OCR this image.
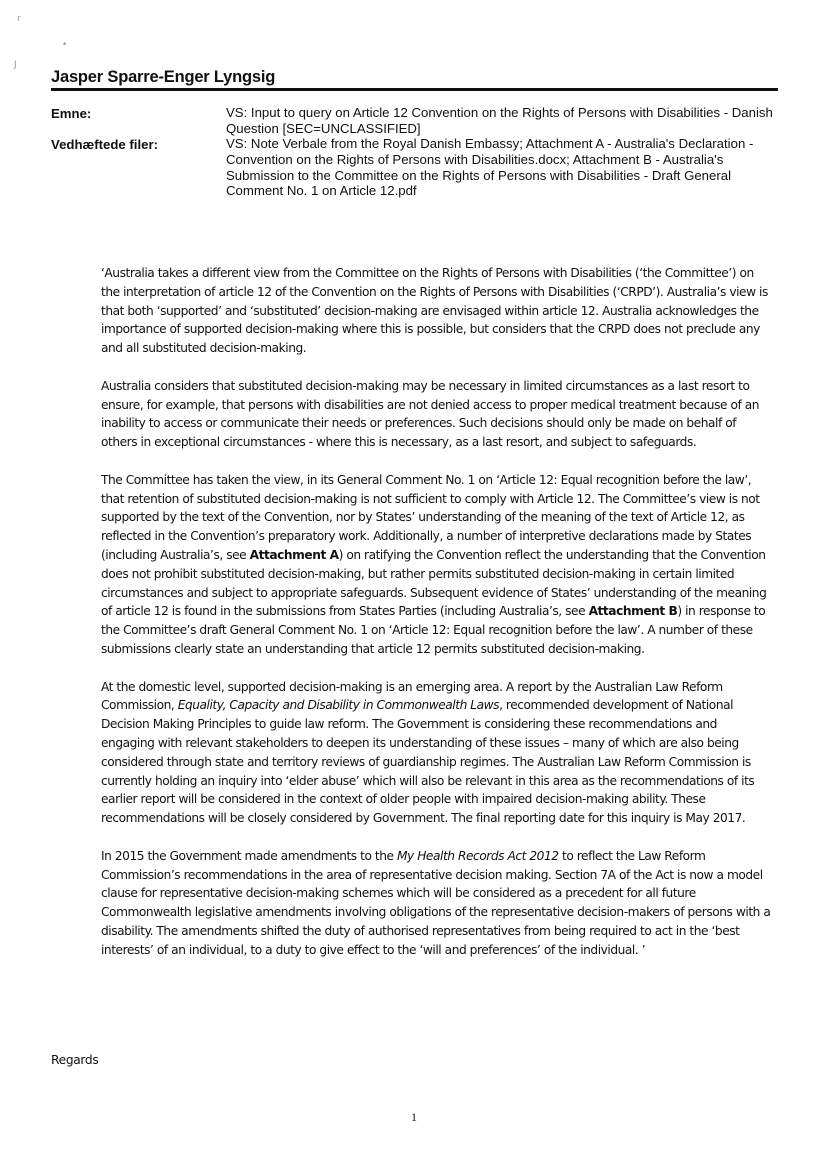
r
•
J
Jasper Sparre-Enger Lyngsig
Emne:	VS: Input to query on Article 12 Convention on the Rights of Persons with Disabilities - Danish Question [SEC=UNCLASSIFIED]

Vedhæftede filer:	VS: Note Verbale from the Royal Danish Embassy; Attachment A - Australia's Declaration - Convention on the Rights of Persons with Disabilities.docx; Attachment B - Australia's Submission to the Committee on the Rights of Persons with Disabilities - Draft General Comment No. 1 on Article 12.pdf

‘Australia takes a different view from the Committee on the Rights of Persons with Disabilities (‘the Committee’) on the interpretation of article 12 of the Convention on the Rights of Persons with Disabilities (‘CRPD’). Australia’s view is that both ‘supported’ and ‘substituted’ decision-making are envisaged within article 12. Australia acknowledges the importance of supported decision-making where this is possible, but considers that the CRPD does not preclude any and all substituted decision-making.

Australia considers that substituted decision-making may be necessary in limited circumstances as a last resort to ensure, for example, that persons with disabilities are not denied access to proper medical treatment because of an inability to access or communicate their needs or preferences. Such decisions should only be made on behalf of others in exceptional circumstances - where this is necessary, as a last resort, and subject to safeguards.

The Committee has taken the view, in its General Comment No. 1 on ‘Article 12: Equal recognition before the law’, that retention of substituted decision-making is not sufficient to comply with Article 12. The Committee’s view is not supported by the text of the Convention, nor by States’ understanding of the meaning of the text of Article 12, as reflected in the Convention’s preparatory work. Additionally, a number of interpretive declarations made by States (including Australia’s, see Attachment A) on ratifying the Convention reflect the understanding that the Convention does not prohibit substituted decision-making, but rather permits substituted decision-making in certain limited circumstances and subject to appropriate safeguards. Subsequent evidence of States’ understanding of the meaning of article 12 is found in the submissions from States Parties (including Australia’s, see Attachment B) in response to the Committee’s draft General Comment No. 1 on ‘Article 12: Equal recognition before the law’. A number of these submissions clearly state an understanding that article 12 permits substituted decision-making.

At the domestic level, supported decision-making is an emerging area. A report by the Australian Law Reform Commission, Equality, Capacity and Disability in Commonwealth Laws, recommended development of National Decision Making Principles to guide law reform. The Government is considering these recommendations and engaging with relevant stakeholders to deepen its understanding of these issues – many of which are also being considered through state and territory reviews of guardianship regimes. The Australian Law Reform Commission is currently holding an inquiry into ‘elder abuse’ which will also be relevant in this area as the recommendations of its earlier report will be considered in the context of older people with impaired decision-making ability. These recommendations will be closely considered by Government. The final reporting date for this inquiry is May 2017.

In 2015 the Government made amendments to the My Health Records Act 2012 to reflect the Law Reform Commission’s recommendations in the area of representative decision making. Section 7A of the Act is now a model clause for representative decision-making schemes which will be considered as a precedent for all future Commonwealth legislative amendments involving obligations of the representative decision-makers of persons with a disability. The amendments shifted the duty of authorised representatives from being required to act in the ‘best interests’ of an individual, to a duty to give effect to the ‘will and preferences’ of the individual. ’

Regards
1
